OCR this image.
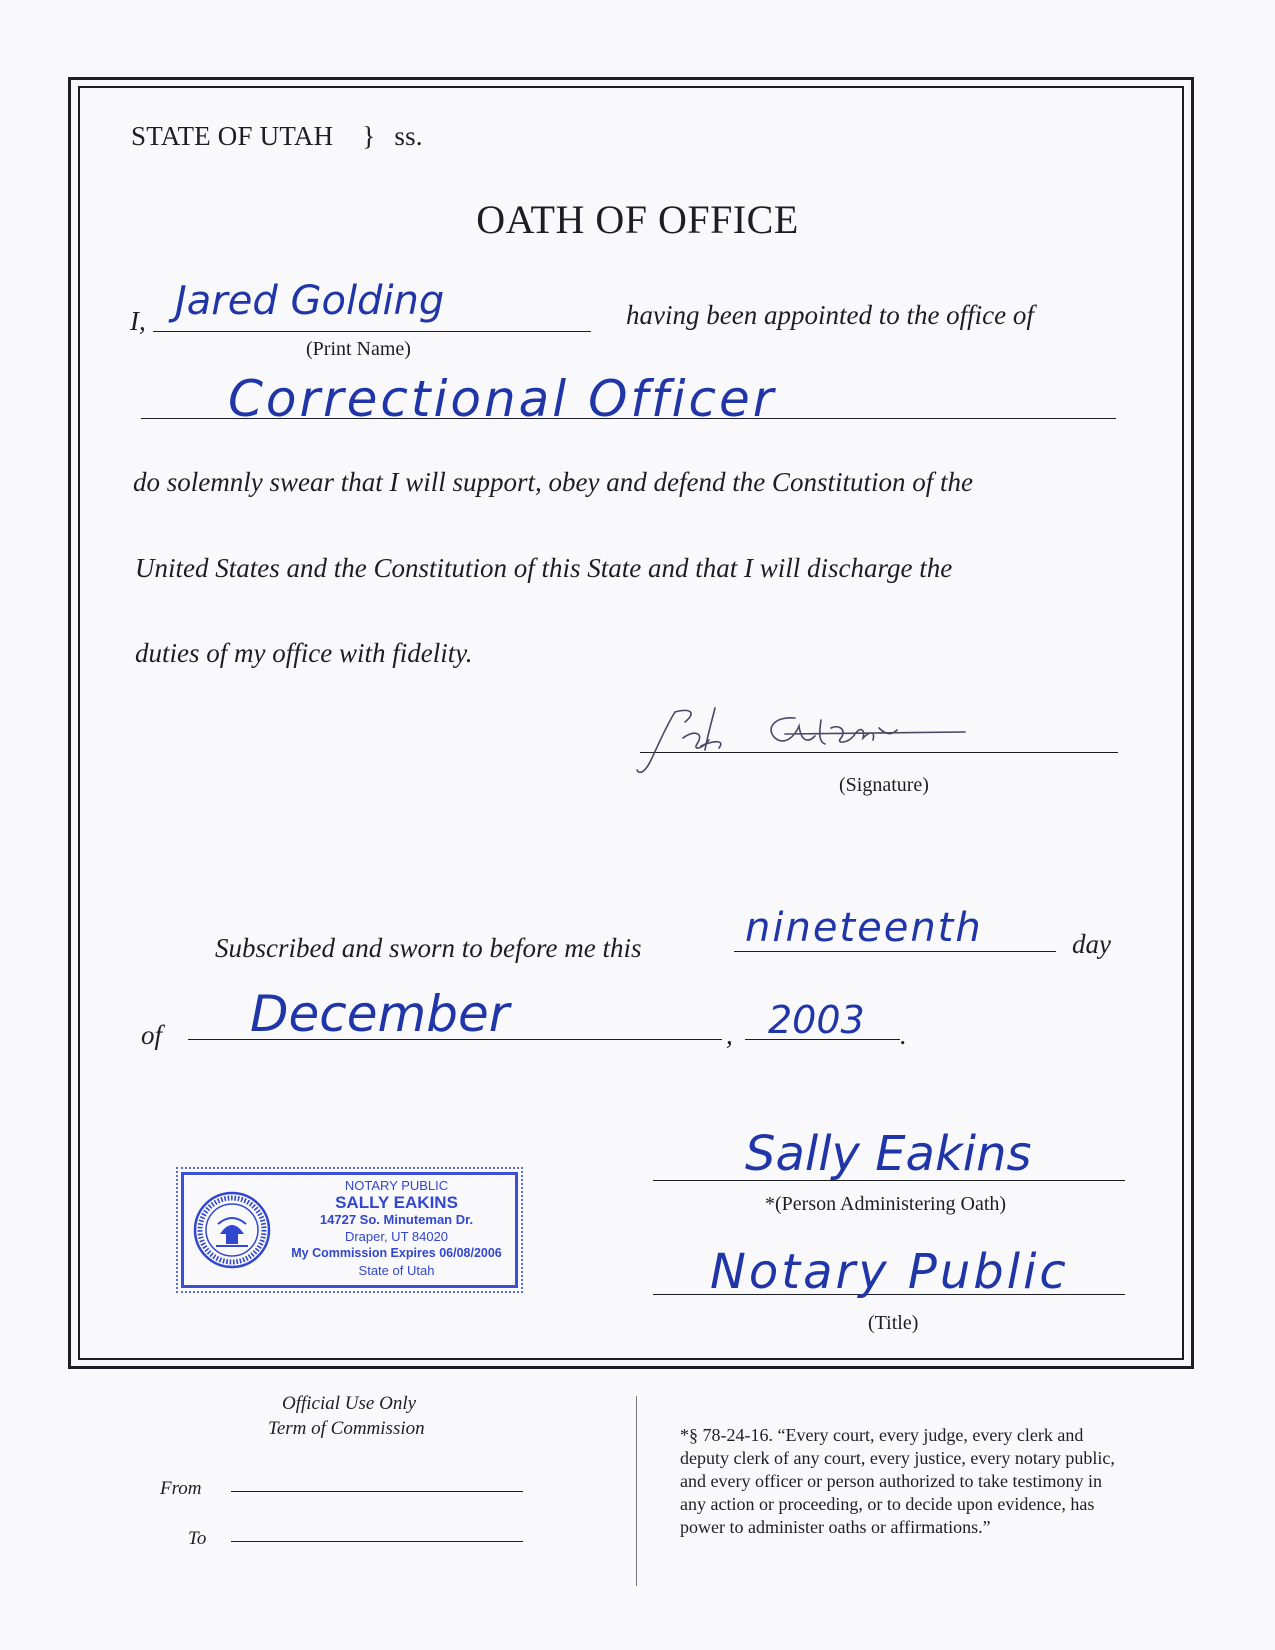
STATE OF UTAH } ss.
OATH OF OFFICE
I, Jared Golding
(Print Name)
having been appointed to the office of
Correctional Officer
do solemnly swear that I will support, obey and defend the Constitution of the
United States and the Constitution of this State and that I will discharge the
duties of my office with fidelity.
(Signature)
Subscribed and sworn to before me this	nineteenth	day
of December	, 2003 .
Sally Eakins
*(Person Administering Oath)
Notary Public
(Title)
NOTARY PUBLIC
SALLY EAKINS
14727 So. Minuteman Dr.
Draper, UT 84020
My Commission Expires 06/08/2006
State of Utah
Official Use Only
Term of Commission
From
To
*§ 78-24-16. “Every court, every judge, every clerk and
deputy clerk of any court, every justice, every notary public,
and every officer or person authorized to take testimony in
any action or proceeding, or to decide upon evidence, has
power to administer oaths or affirmations.”
